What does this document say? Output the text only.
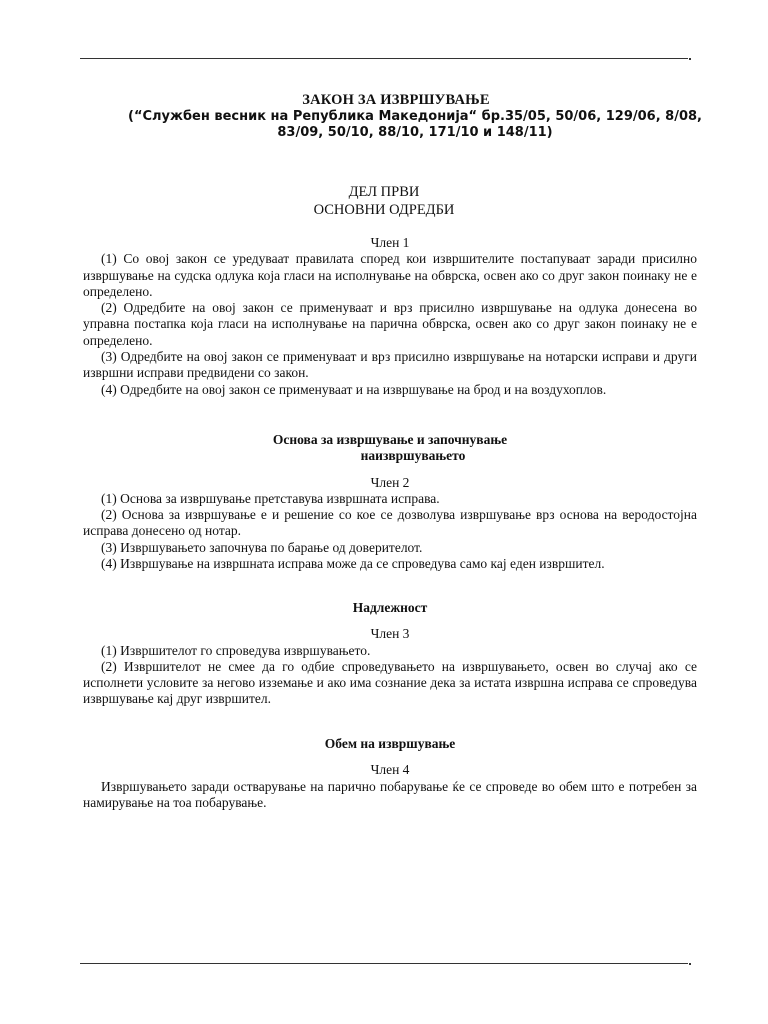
ЗАКОН ЗА ИЗВРШУВАЊЕ
(“Службен весник на Република Македонија“ бр.35/05, 50/06, 129/06, 8/08, 83/09, 50/10, 88/10, 171/10 и 148/11)
ДЕЛ ПРВИ
ОСНОВНИ ОДРЕДБИ

Член 1

(1) Со овој закон се уредуваат правилата според кои извршителите постапуваат заради присилно извршување на судска одлука која гласи на исполнување на обврска, освен ако со друг закон поинаку не е определено.

(2) Одредбите на овој закон се применуваат и врз присилно извршување на одлука донесена во управна постапка која гласи на исполнување на парична обврска, освен ако со друг закон поинаку не е определено.

(3) Одредбите на овој закон се применуваат и врз присилно извршување на нотарски исправи и други извршни исправи предвидени со закон.

(4) Одредбите на овој закон се применуваат и на извршување на брод и на воздухоплов.

Основа за извршување и започнување
наизвршувањето

Член 2

(1) Основа за извршување претставува извршната исправа.

(2) Основа за извршување е и решение со кое се дозволува извршување врз основа на веродостојна исправа донесено од нотар.

(3) Извршувањето започнува по барање од доверителот.

(4) Извршување на извршната исправа може да се спроведува само кај еден извршител.

Надлежност

Член 3

(1) Извршителот го спроведува извршувањето.

(2) Извршителот не смее да го одбие спроведувањето на извршувањето, освен во случај ако се исполнети условите за негово изземање и ако има сознание дека за истата извршна исправа се спроведува извршување кај друг извршител.

Обем на извршување

Член 4

Извршувањето заради остварување на парично побарување ќе се спроведе во обем што е потребен за намирување на тоа побарување.
